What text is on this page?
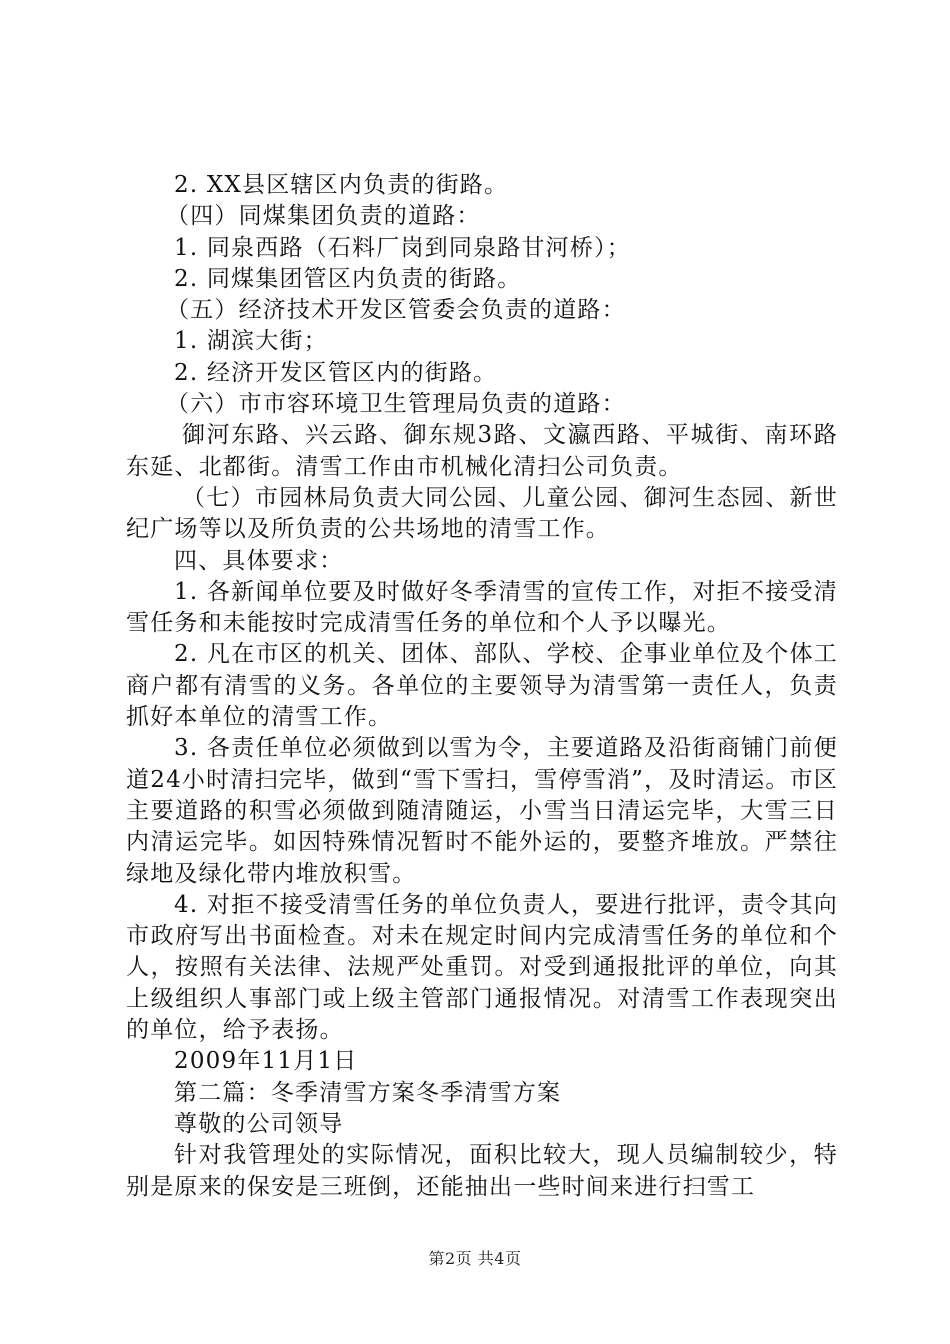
2. XX县区辖区内负责的街路。

（四）同煤集团负责的道路：

1. 同泉西路（石料厂岗到同泉路甘河桥）；

2. 同煤集团管区内负责的街路。

（五）经济技术开发区管委会负责的道路：

1. 湖滨大街；

2. 经济开发区管区内的街路。

（六）市市容环境卫生管理局负责的道路：

御河东路、兴云路、御东规3路、文瀛西路、平城街、南环路东延、北都街。清雪工作由市机械化清扫公司负责。

（七）市园林局负责大同公园、儿童公园、御河生态园、新世纪广场等以及所负责的公共场地的清雪工作。

四、具体要求：

1. 各新闻单位要及时做好冬季清雪的宣传工作，对拒不接受清雪任务和未能按时完成清雪任务的单位和个人予以曝光。

2. 凡在市区的机关、团体、部队、学校、企事业单位及个体工商户都有清雪的义务。各单位的主要领导为清雪第一责任人，负责抓好本单位的清雪工作。

3. 各责任单位必须做到以雪为令，主要道路及沿街商铺门前便道24小时清扫完毕，做到“雪下雪扫，雪停雪消”，及时清运。市区主要道路的积雪必须做到随清随运，小雪当日清运完毕，大雪三日内清运完毕。如因特殊情况暂时不能外运的，要整齐堆放。严禁往绿地及绿化带内堆放积雪。

4. 对拒不接受清雪任务的单位负责人，要进行批评，责令其向市政府写出书面检查。对未在规定时间内完成清雪任务的单位和个人，按照有关法律、法规严处重罚。对受到通报批评的单位，向其上级组织人事部门或上级主管部门通报情况。对清雪工作表现突出的单位，给予表扬。

2009年11月1日

第二篇：冬季清雪方案冬季清雪方案

尊敬的公司领导

针对我管理处的实际情况，面积比较大，现人员编制较少，特别是原来的保安是三班倒，还能抽出一些时间来进行扫雪工

第2页 共4页
